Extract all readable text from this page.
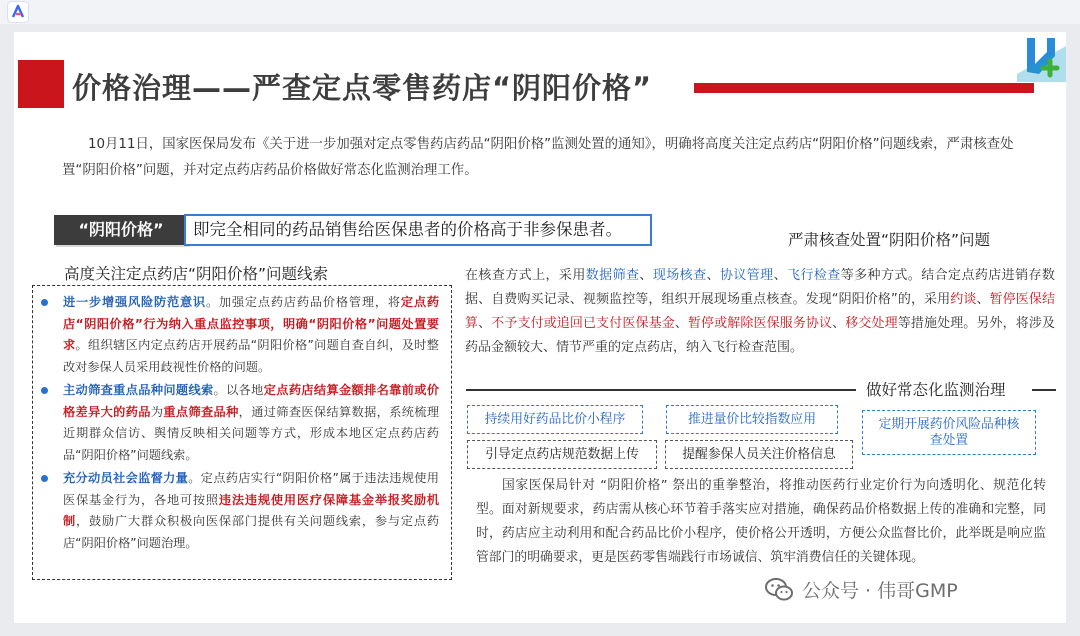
价格治理——严查定点零售药店“阴阳价格”
10月11日，国家医保局发布《关于进一步加强对定点零售药店药品“阴阳价格”监测处置的通知》，明确将高度关注定点药店“阴阳价格”问题线索，严肃核查处置“阴阳价格”问题，并对定点药店药品价格做好常态化监测治理工作。
“阴阳价格”	即完全相同的药品销售给医保患者的价格高于非参保患者。
严肃核查处置“阴阳价格”问题
高度关注定点药店“阴阳价格”问题线索
进一步增强风险防范意识。加强定点药店药品价格管理，将定点药店“阴阳价格”行为纳入重点监控事项，明确“阴阳价格”问题处置要求。组织辖区内定点药店开展药品“阴阳价格”问题自查自纠，及时整改对参保人员采用歧视性价格的问题。
主动筛查重点品种问题线索。以各地定点药店结算金额排名靠前或价格差异大的药品为重点筛查品种，通过筛查医保结算数据，系统梳理近期群众信访、舆情反映相关问题等方式，形成本地区定点药店药品“阴阳价格”问题线索。
充分动员社会监督力量。定点药店实行“阴阳价格”属于违法违规使用医保基金行为，各地可按照违法违规使用医疗保障基金举报奖励机制，鼓励广大群众积极向医保部门提供有关问题线索，参与定点药店“阴阳价格”问题治理。
在核查方式上，采用数据筛查、现场核查、协议管理、飞行检查等多种方式。结合定点药店进销存数据、自费购买记录、视频监控等，组织开展现场重点核查。发现“阴阳价格”的，采用约谈、暂停医保结算、不予支付或追回已支付医保基金、暂停或解除医保服务协议、移交处理等措施处理。另外，将涉及药品金额较大、情节严重的定点药店，纳入飞行检查范围。
做好常态化监测治理
持续用好药品比价小程序	推进量价比较指数应用	定期开展药价风险品种核查处置
引导定点药店规范数据上传	提醒参保人员关注价格信息
国家医保局针对 “阴阳价格” 祭出的重拳整治，将推动医药行业定价行为向透明化、规范化转型。面对新规要求，药店需从核心环节着手落实应对措施，确保药品价格数据上传的准确和完整，同时，药店应主动利用和配合药品比价小程序，使价格公开透明，方便公众监督比价，此举既是响应监管部门的明确要求，更是医药零售端践行市场诚信、筑牢消费信任的关键体现。
公众号 · 伟哥GMP
